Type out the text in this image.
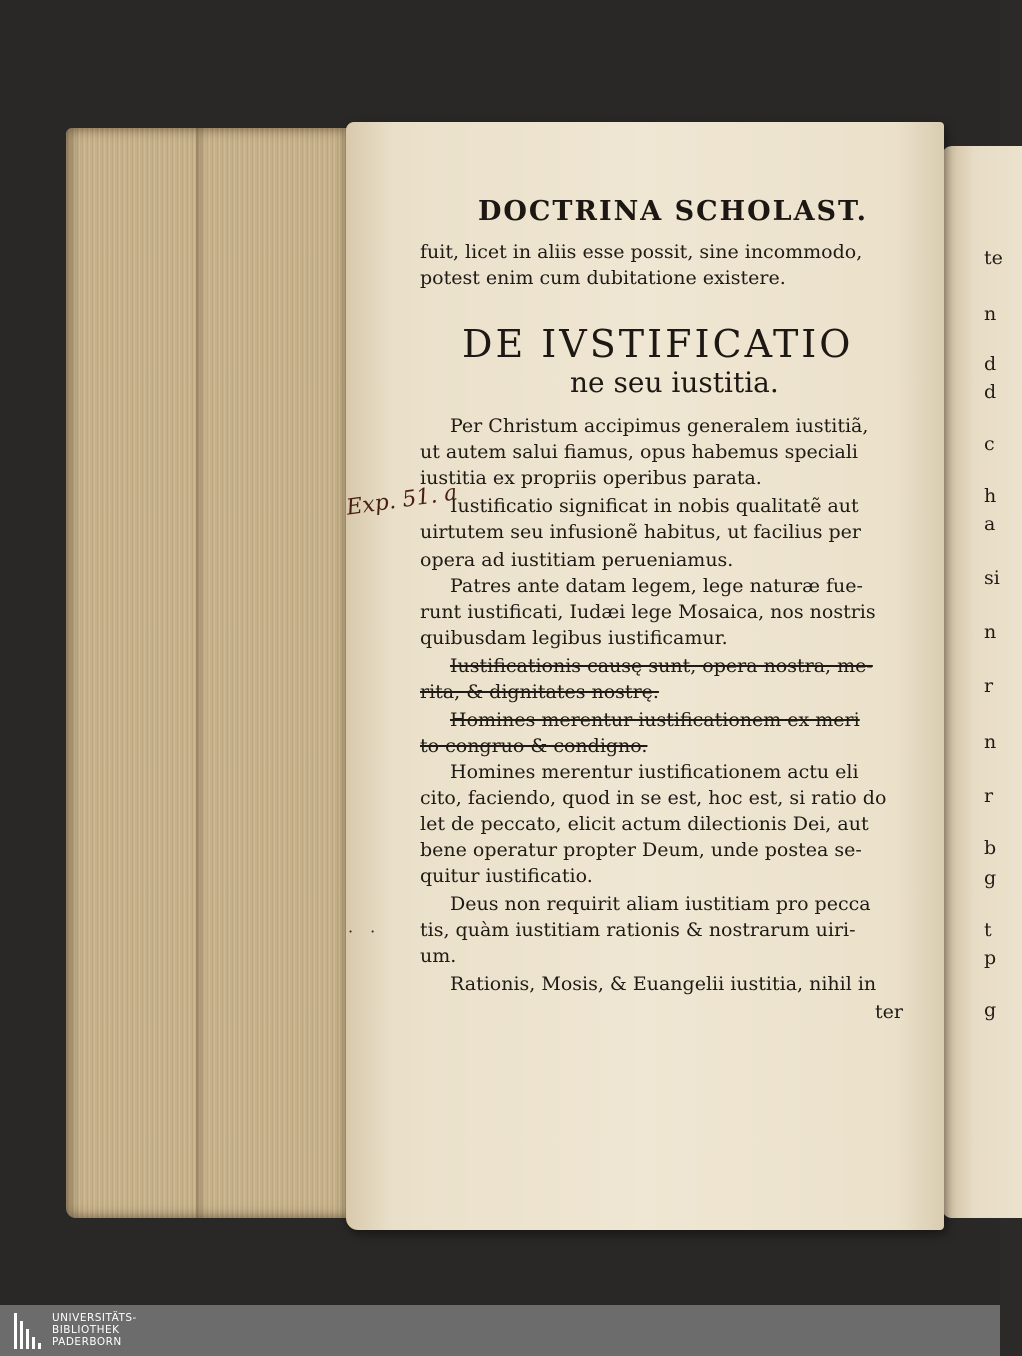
DOCTRINA SCHOLAST.
fuit, licet in aliis esse possit, sine incommodo,
potest enim cum dubitatione existere.
DE IVSTIFICATIO
ne seu iustitia.
Per Christum accipimus generalem iustitiã,
ut autem salui fiamus, opus habemus speciali
iustitia ex propriis operibus parata.
Iustificatio significat in nobis qualitatẽ aut
uirtutem seu infusionẽ habitus, ut facilius per
opera ad iustitiam perueniamus.
Patres ante datam legem, lege naturæ fue-
runt iustificati, Iudæi lege Mosaica, nos nostris
quibusdam legibus iustificamur.
Iustificationis causę sunt, opera nostra, me-
rita, & dignitates nostrę.
Homines merentur iustificationem ex meri
to congruo & condigno.
Homines merentur iustificationem actu eli
cito, faciendo, quod in se est, hoc est, si ratio do
let de peccato, elicit actum dilectionis Dei, aut
bene operatur propter Deum, unde postea se-
quitur iustificatio.
Deus non requirit aliam iustitiam pro pecca
tis, quàm iustitiam rationis & nostrarum uiri-
um.
Rationis, Mosis, & Euangelii iustitia, nihil in
ter
Exp. 51. a
· ·
te
n
d
d
c
h
a
si
n
r
n
r
b
g
t
p
g
UNIVERSITÄTS-
BIBLIOTHEK
PADERBORN
